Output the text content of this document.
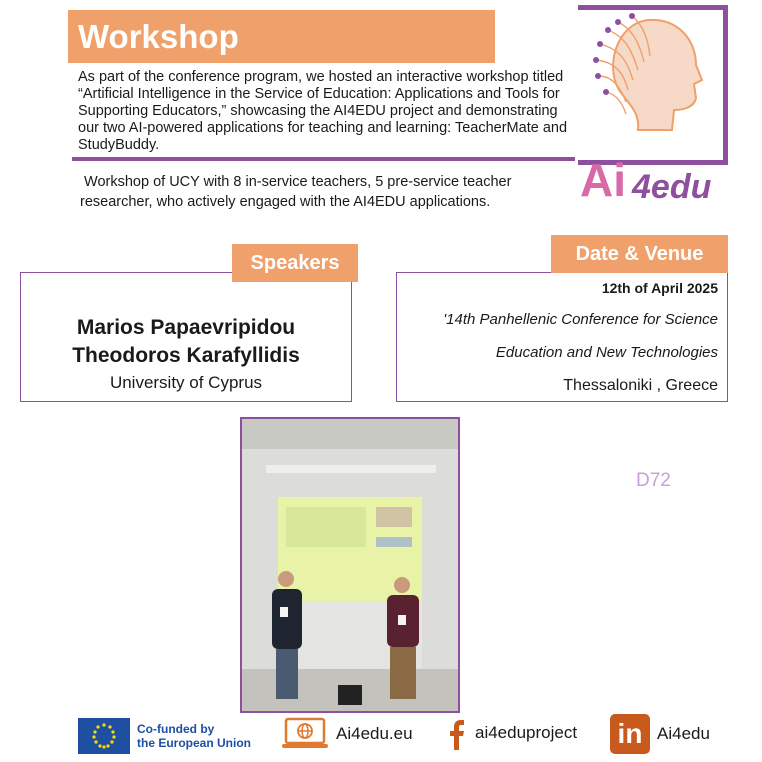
Workshop
As part of the conference program, we hosted an interactive workshop titled “Artificial Intelligence in the Service of Education: Applications and Tools for Supporting Educators,” showcasing the AI4EDU project and demonstrating our two AI-powered applications for teaching and learning: TeacherMate and StudyBuddy.
Workshop of UCY with 8 in-service teachers, 5 pre-service teacher
researcher, who actively engaged with the AI4EDU applications.	Ai 4edu
Speakers
Marios Papaevripidou
Theodoros Karafyllidis
University of Cyprus
Date & Venue
12th of April 2025
'14th Panhellenic Conference for Science
Education and New Technologies
Thessaloniki , Greece
D72
Co-funded by
the European Union	Ai4edu.eu	ai4eduproject in Ai4edu
